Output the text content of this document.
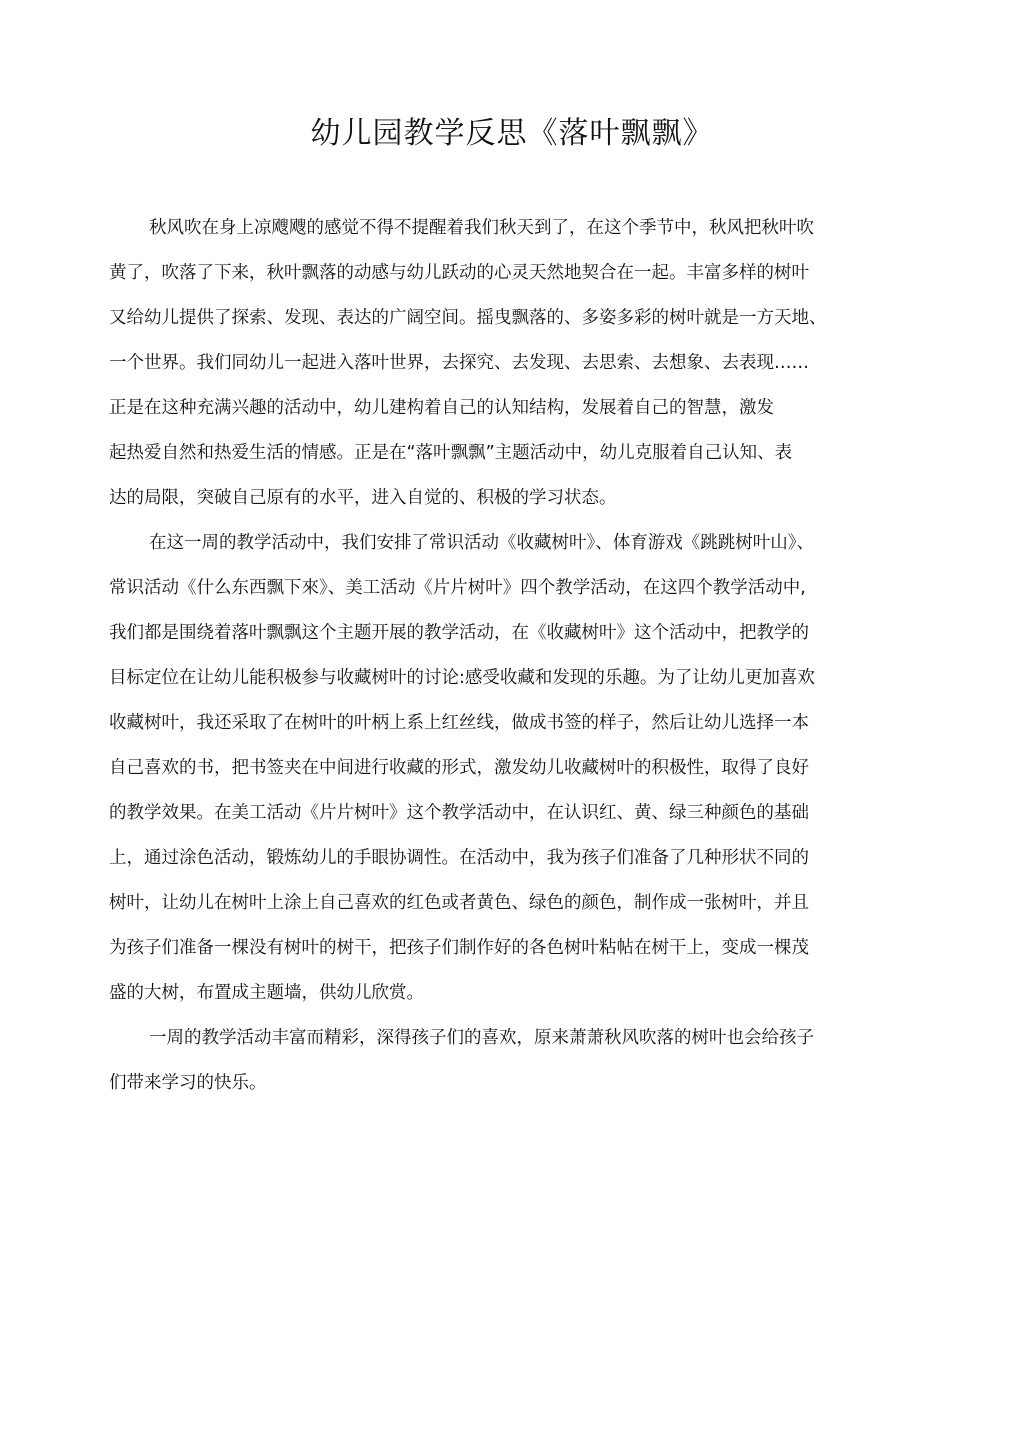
幼儿园教学反思《落叶飘飘》
秋风吹在身上凉飕飕的感觉不得不提醒着我们秋天到了，在这个季节中，秋风把秋叶吹
黄了，吹落了下来，秋叶飘落的动感与幼儿跃动的心灵天然地契合在一起。丰富多样的树叶
又给幼儿提供了探索、发现、表达的广阔空间。摇曳飘落的、多姿多彩的树叶就是一方天地、
一个世界。我们同幼儿一起进入落叶世界，去探究、去发现、去思索、去想象、去表现……
正是在这种充满兴趣的活动中，幼儿建构着自己的认知结构，发展着自己的智慧，激发
起热爱自然和热爱生活的情感。正是在“落叶飘飘”主题活动中，幼儿克服着自己认知、表
达的局限，突破自己原有的水平，进入自觉的、积极的学习状态。
在这一周的教学活动中，我们安排了常识活动《收藏树叶》、体育游戏《跳跳树叶山》、
常识活动《什么东西飘下來》、美工活动《片片树叶》四个教学活动，在这四个教学活动中,
我们都是围绕着落叶飘飘这个主题开展的教学活动，在《收藏树叶》这个活动中，把教学的
目标定位在让幼儿能积极参与收藏树叶的讨论:感受收藏和发现的乐趣。为了让幼儿更加喜欢
收藏树叶，我还采取了在树叶的叶柄上系上红丝线，做成书签的样子，然后让幼儿选择一本
自己喜欢的书，把书签夹在中间进行收藏的形式，激发幼儿收藏树叶的积极性，取得了良好
的教学效果。在美工活动《片片树叶》这个教学活动中，在认识红、黄、绿三种颜色的基础
上，通过涂色活动，锻炼幼儿的手眼协调性。在活动中，我为孩子们准备了几种形状不同的
树叶，让幼儿在树叶上涂上自己喜欢的红色或者黄色、绿色的颜色，制作成一张树叶，并且
为孩子们准备一棵没有树叶的树干，把孩子们制作好的各色树叶粘帖在树干上，变成一棵茂
盛的大树，布置成主题墙，供幼儿欣赏。
一周的教学活动丰富而精彩，深得孩子们的喜欢，原来萧萧秋风吹落的树叶也会给孩子
们带来学习的快乐。
